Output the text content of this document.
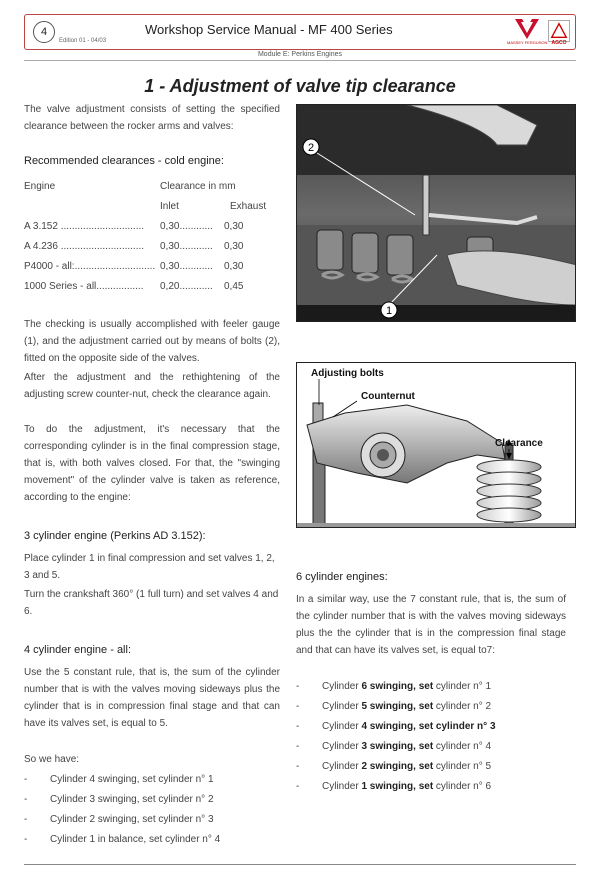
4
Edition 01 - 04/03
Workshop Service Manual - MF 400 Series
MASSEY FERGUSON AGCO
Module E: Perkins Engines
1 - Adjustment of valve tip clearance
The valve adjustment consists of setting the specified clearance between the rocker arms and valves:
Recommended clearances - cold engine:
Engine	Clearance in mm	
	Inlet	Exhaust
A 3.152 ..............................	0,30............	0,30
A 4.236 ..............................	0,30............	0,30
P4000 - all:.............................	0,30............	0,30
1000 Series - all.................	0,20............	0,45
The checking is usually accomplished with feeler gauge (1), and the adjustment carried out by means of bolts (2), fitted on the opposite side of the valves.
After the adjustment and the rethightening of the adjusting screw counter-nut, check the clearance again.
To do the adjustment, it's necessary that the corresponding cylinder is in the final compression stage, that is, with both valves closed. For that, the "swinging movement" of the cylinder valve is taken as reference, according to the engine:
3 cylinder engine (Perkins AD 3.152):
Place cylinder 1 in final compression and set valves 1, 2, 3 and 5.
Turn the crankshaft 360° (1 full turn) and set valves 4 and 6.
4 cylinder engine - all:
Use the 5 constant rule, that is, the sum of the cylinder number that is with the valves moving sideways plus the cylinder that is in compression final stage and that can have its valves set, is equal to 5.
So we have:
- Cylinder 4 swinging, set cylinder n° 1
- Cylinder 3 swinging, set cylinder n° 2
- Cylinder 2 swinging, set cylinder n° 3
- Cylinder 1 in balance, set cylinder n° 4
2
1
Adjusting bolts
Counternut
Clearance
6 cylinder engines:
In a similar way, use the 7 constant rule, that is, the sum of the cylinder number that is with the valves moving sideways plus the the cylinder that is in the compression final stage and that can have its valves set, is equal to7:
- Cylinder 6 swinging, set cylinder n° 1
- Cylinder 5 swinging, set cylinder n° 2
- Cylinder 4 swinging, set cylinder n° 3
- Cylinder 3 swinging, set cylinder n° 4
- Cylinder 2 swinging, set cylinder n° 5
- Cylinder 1 swinging, set cylinder n° 6
